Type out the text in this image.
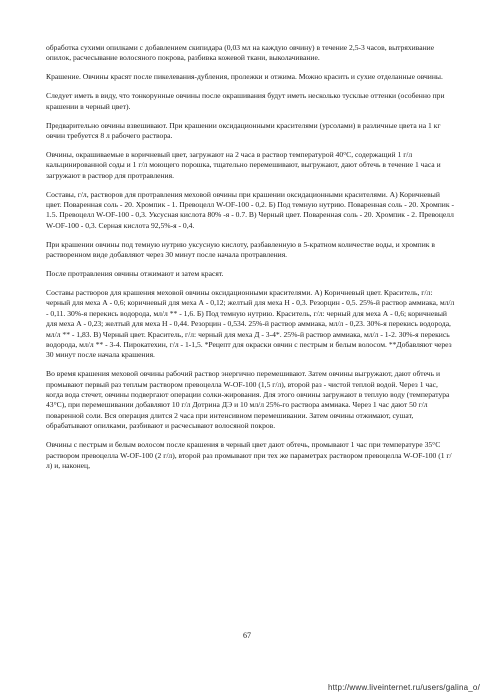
обработка сухими опилками с добавлением скипидара (0,03 мл на каждую овчину) в течение 2,5-3 часов, вытряхивание опилок, расчесывание волосяного покрова, разбивка кожевой ткани, выколачивание.

Крашение. Овчины красят после пикелевания-дубления, пролежки и отжима. Можно красить и сухие отделанные овчины.

Следует иметь в виду, что тонкорунные овчины после окрашивания будут иметь несколько тусклые оттенки (особенно при крашении в черный цвет).

Предварительно овчины взвешивают. При крашении оксидационными красителями (урсолами) в различные цвета на 1 кг овчин требуется 8 л рабочего раствора.

Овчины, окрашиваемые в коричневый цвет, загружают на 2 часа в раствор температурой 40°С, содержащий 1 г/л кальцинированной соды и 1 г/л моющего порошка, тщательно перемешивают, выгружают, дают обтечь в течение 1 часа и загружают в раствор для протравления.

Составы, г/л, растворов для протравления меховой овчины при крашении оксидационными красителями. А) Коричневый цвет. Поваренная соль - 20. Хромпик - 1. Превоцелл W-OF-100 - 0,2. Б) Под темную нутрию. Поваренная соль - 20. Хромпик - 1.5. Превоцелл W-OF-100 - 0,3. Уксусная кислота 80% -я - 0.7. В) Черный цвет. Поваренная соль - 20. Хромпик - 2. Превоцелл W-OF-100 - 0,3. Серная кислота 92,5%-я - 0,4.

При крашении овчины под темную нутрию уксусную кислоту, разбавленную в 5-кратном количестве воды, и хромпик в растворенном виде добавляют через 30 минут после начала протравления.

После протравления овчины отжимают и затем красят.

Составы растворов для крашения меховой овчины оксидационными красителями. А) Коричневый цвет. Краситель, г/л: черный для меха А - 0,6; коричневый для меха А - 0,12; желтый для меха Н - 0,3. Резорцин - 0,5. 25%-й раствор аммиака, мл/л - 0,11. 30%-я перекись водорода, мл/л ** - 1,6. Б) Под темную нутрию. Краситель, г/л: черный для меха А - 0,6; коричневый для меха А - 0,23; желтый для меха Н - 0,44. Резорцин - 0,534. 25%-й раствор аммиака, мл/л - 0,23. 30%-я перекись водорода, мл/л ** - 1,83. В) Черный цвет. Краситель, г/л: черный для меха Д - 3-4*. 25%-й раствор аммиака, мл/л - 1-2. 30%-я перекись водорода, мл/л ** - 3-4. Пирокатехин, г/л - 1-1,5. *Рецепт для окраски овчин с пестрым и белым волосом. **Добавляют через 30 минут после начала крашения.

Во время крашения меховой овчины рабочий раствор энергично перемешивают. Затем овчины выгружают, дают обтечь и промывают первый раз теплым раствором превоцелла W-OF-100 (1,5 г/л), второй раз - чистой теплой водой. Через 1 час, когда вода стечет, овчины подвергают операции солки-жирования. Для этого овчины загружают в теплую воду (температура 43°С), при перемешивании добавляют 10 г/л Дотрина ДЭ и 10 мл/л 25%-го раствора аммиака. Через 1 час дают 50 г/л поваренной соли. Вся операция длится 2 часа при интенсивном перемешивании. Затем овчины отжимают, сушат, обрабатывают опилками, разбивают и расчесывают волосяной покров.

Овчины с пестрым и белым волосом после крашения в черный цвет дают обтечь, промывают 1 час при температуре 35°С раствором превоцелла W-OF-100 (2 г/л), второй раз промывают при тех же параметрах раствором превоцелла W-OF-100 (1 г/л) и, наконец,

67
http://www.liveinternet.ru/users/galina_o/
